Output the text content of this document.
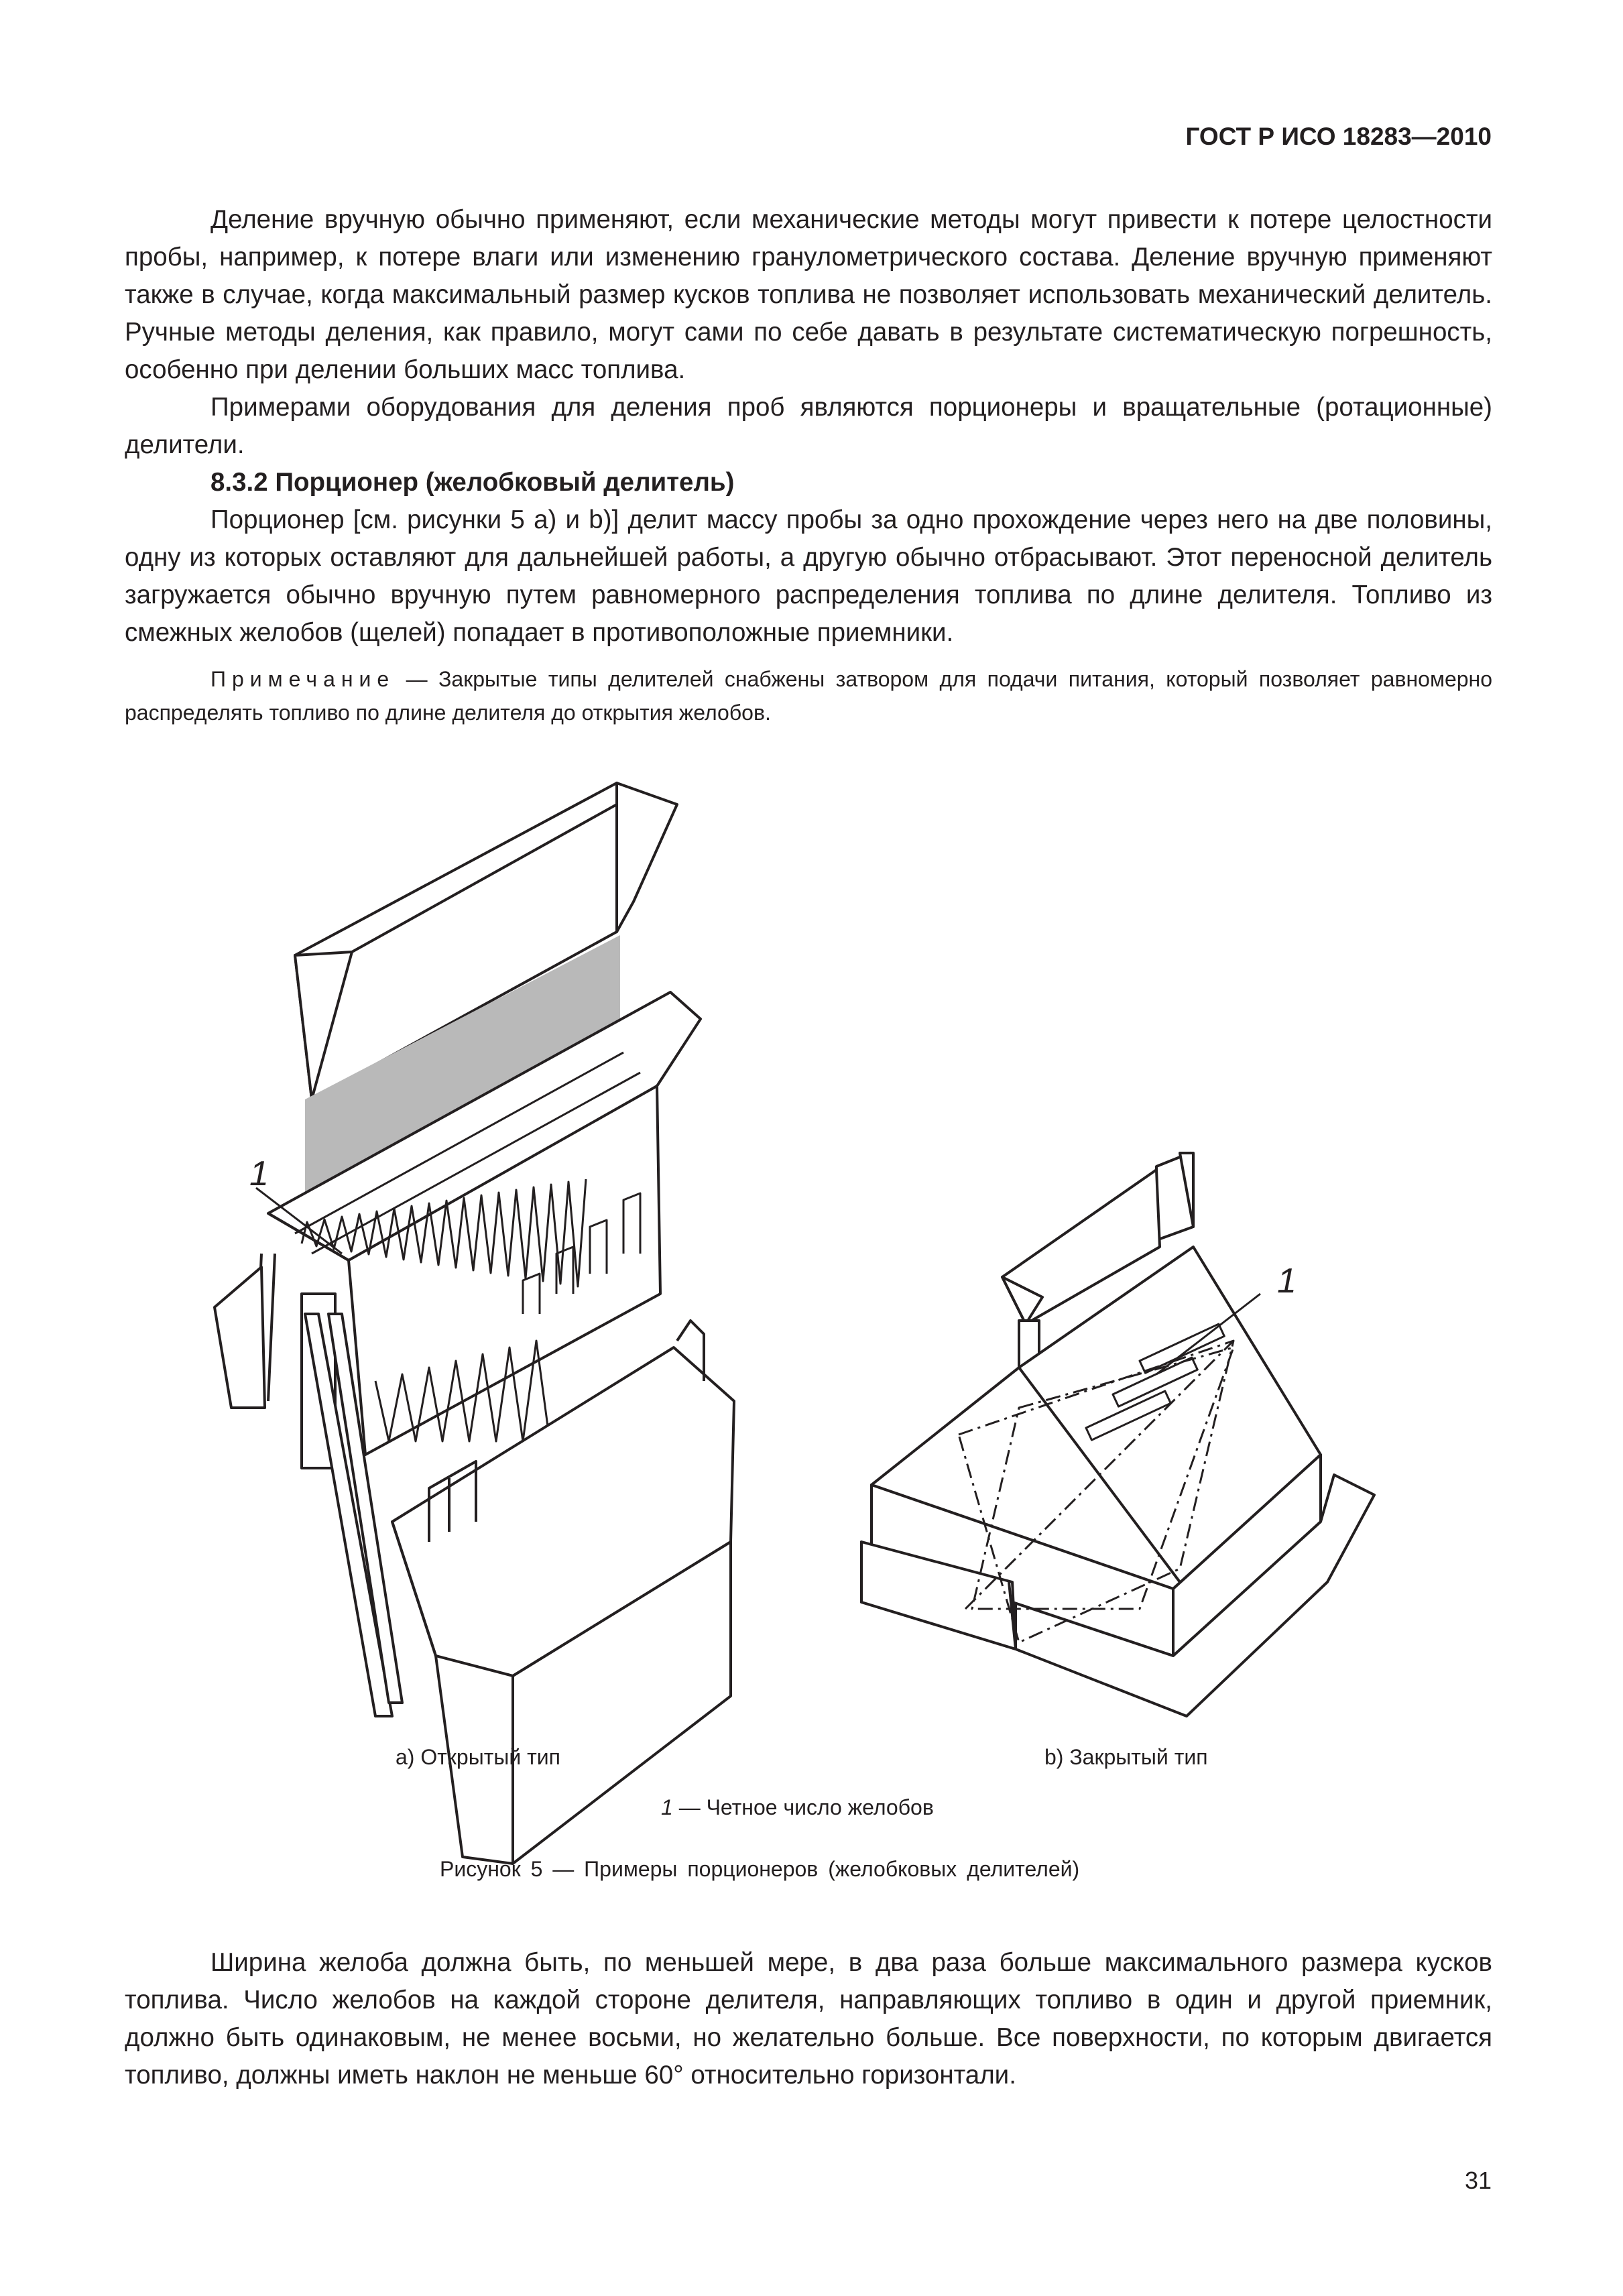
ГОСТ Р ИСО 18283—2010

Деление вручную обычно применяют, если механические методы могут привести к потере целостности пробы, например, к потере влаги или изменению гранулометрического состава. Деление вручную применяют также в случае, когда максимальный размер кусков топлива не позволяет использовать механический делитель. Ручные методы деления, как правило, могут сами по себе давать в результате систематическую погрешность, особенно при делении больших масс топлива.

Примерами оборудования для деления проб являются порционеры и вращательные (ротационные) делители.

8.3.2 Порционер (желобковый делитель)

Порционер [см. рисунки 5 а) и b)] делит массу пробы за одно прохождение через него на две половины, одну из которых оставляют для дальнейшей работы, а другую обычно отбрасывают. Этот переносной делитель загружается обычно вручную путем равномерного распределения топлива по длине делителя. Топливо из смежных желобов (щелей) попадает в противоположные приемники.

Примечание — Закрытые типы делителей снабжены затвором для подачи питания, который позволяет равномерно распределять топливо по длине делителя до открытия желобов.

1
1
a) Открытый тип	b) Закрытый тип
1 — Четное число желобов
Рисунок 5 — Примеры порционеров (желобковых делителей)

Ширина желоба должна быть, по меньшей мере, в два раза больше максимального размера кусков топлива. Число желобов на каждой стороне делителя, направляющих топливо в один и другой приемник, должно быть одинаковым, не менее восьми, но желательно больше. Все поверхности, по которым двигается топливо, должны иметь наклон не меньше 60° относительно горизонтали.

31
